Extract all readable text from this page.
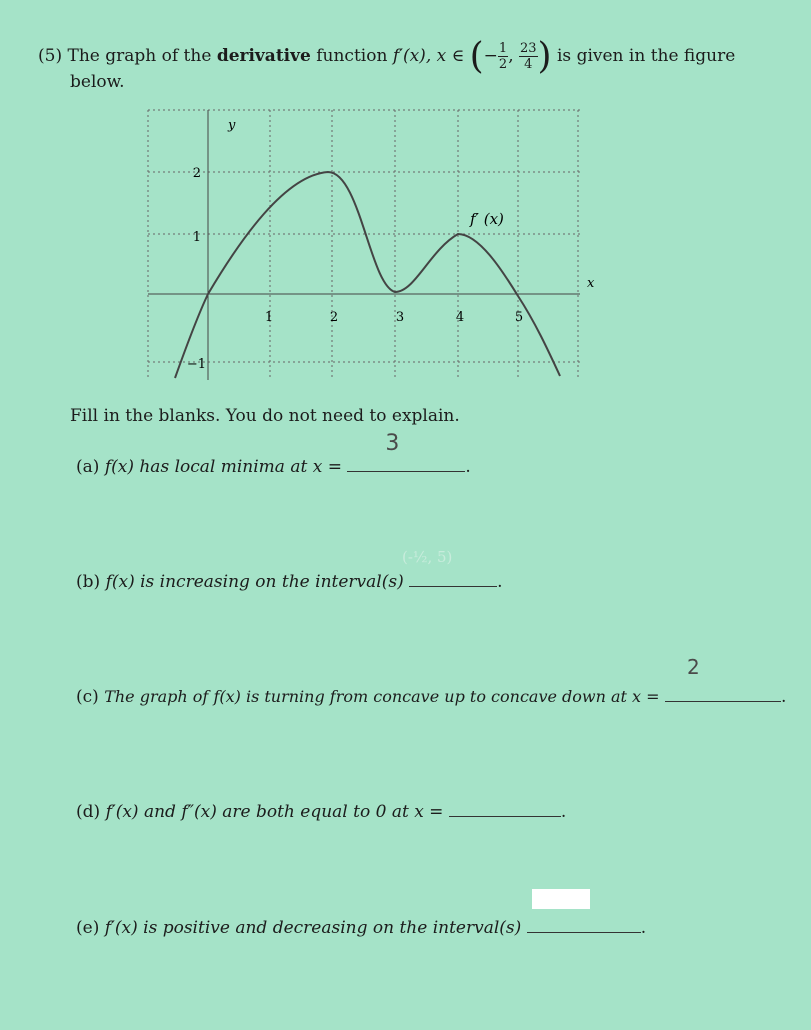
(5) The graph of the derivative function f′(x), x ∈ (− $\frac{1}{2}$ , $\frac{23}{4}$ ) is given in the figure
below.
1	2	3	4	5
2
1
−1
y
x
f′ (x)
Fill in the blanks. You do not need to explain.
(a) f(x) has local minima at x =
3
.
(-½, 5)
(b) f(x) is increasing on the interval(s)	.
(c) The graph of f(x) is turning from concave up to concave down at x =
2
.
(d) f′(x) and f″(x) are both equal to 0 at x =	.
(e) f′(x) is positive and decreasing on the interval(s)	.
